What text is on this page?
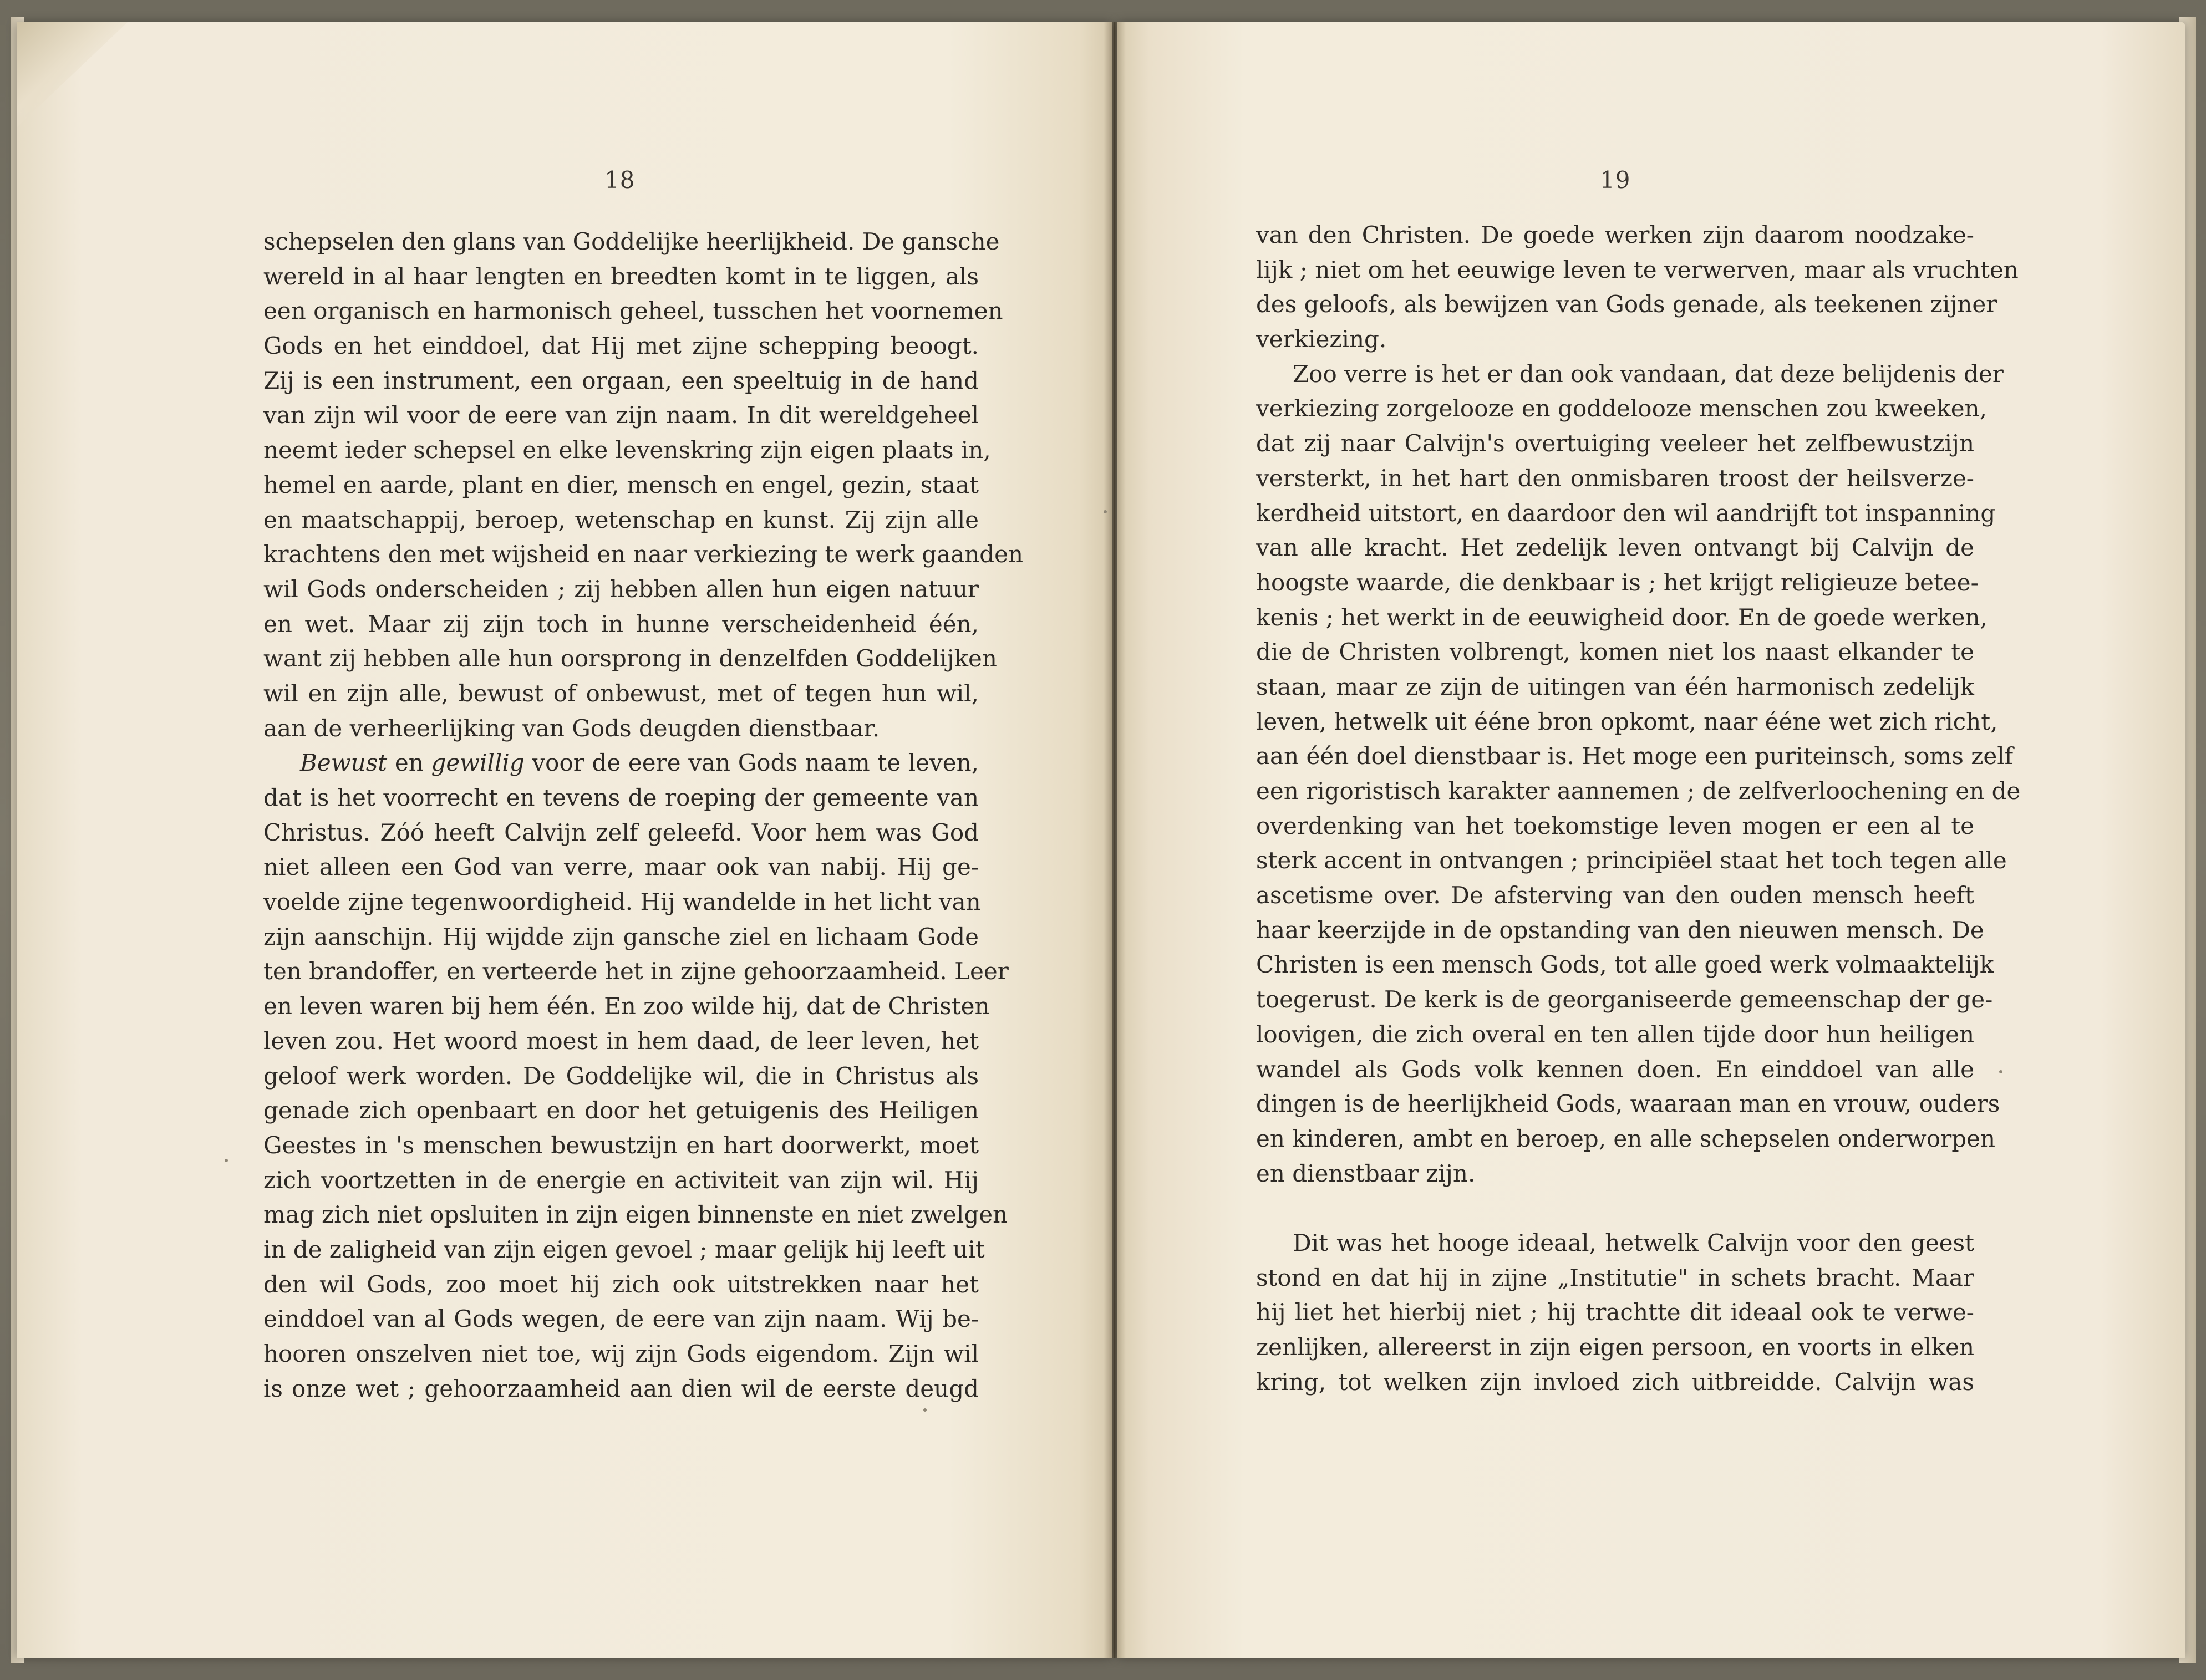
18	19
schepselen den glans van Goddelijke heerlijkheid. De gansche
wereld in al haar lengten en breedten komt in te liggen, als
een organisch en harmonisch geheel, tusschen het voornemen
Gods en het einddoel, dat Hij met zijne schepping beoogt.
Zij is een instrument, een orgaan, een speeltuig in de hand
van zijn wil voor de eere van zijn naam. In dit wereldgeheel
neemt ieder schepsel en elke levenskring zijn eigen plaats in,
hemel en aarde, plant en dier, mensch en engel, gezin, staat
en maatschappij, beroep, wetenschap en kunst. Zij zijn alle
krachtens den met wijsheid en naar verkiezing te werk gaanden
wil Gods onderscheiden ; zij hebben allen hun eigen natuur
en wet. Maar zij zijn toch in hunne verscheidenheid één,
want zij hebben alle hun oorsprong in denzelfden Goddelijken
wil en zijn alle, bewust of onbewust, met of tegen hun wil,
aan de verheerlijking van Gods deugden dienstbaar.
Bewust en gewillig voor de eere van Gods naam te leven,
dat is het voorrecht en tevens de roeping der gemeente van
Christus. Zóó heeft Calvijn zelf geleefd. Voor hem was God
niet alleen een God van verre, maar ook van nabij. Hij ge-
voelde zijne tegenwoordigheid. Hij wandelde in het licht van
zijn aanschijn. Hij wijdde zijn gansche ziel en lichaam Gode
ten brandoffer, en verteerde het in zijne gehoorzaamheid. Leer
en leven waren bij hem één. En zoo wilde hij, dat de Christen
leven zou. Het woord moest in hem daad, de leer leven, het
geloof werk worden. De Goddelijke wil, die in Christus als
genade zich openbaart en door het getuigenis des Heiligen
Geestes in 's menschen bewustzijn en hart doorwerkt, moet
zich voortzetten in de energie en activiteit van zijn wil. Hij
mag zich niet opsluiten in zijn eigen binnenste en niet zwelgen
in de zaligheid van zijn eigen gevoel ; maar gelijk hij leeft uit
den wil Gods, zoo moet hij zich ook uitstrekken naar het
einddoel van al Gods wegen, de eere van zijn naam. Wij be-
hooren onszelven niet toe, wij zijn Gods eigendom. Zijn wil
is onze wet ; gehoorzaamheid aan dien wil de eerste deugd
van den Christen. De goede werken zijn daarom noodzake-
lijk ; niet om het eeuwige leven te verwerven, maar als vruchten
des geloofs, als bewijzen van Gods genade, als teekenen zijner
verkiezing.
Zoo verre is het er dan ook vandaan, dat deze belijdenis der
verkiezing zorgelooze en goddelooze menschen zou kweeken,
dat zij naar Calvijn's overtuiging veeleer het zelfbewustzijn
versterkt, in het hart den onmisbaren troost der heilsverze-
kerdheid uitstort, en daardoor den wil aandrijft tot inspanning
van alle kracht. Het zedelijk leven ontvangt bij Calvijn de
hoogste waarde, die denkbaar is ; het krijgt religieuze betee-
kenis ; het werkt in de eeuwigheid door. En de goede werken,
die de Christen volbrengt, komen niet los naast elkander te
staan, maar ze zijn de uitingen van één harmonisch zedelijk
leven, hetwelk uit ééne bron opkomt, naar ééne wet zich richt,
aan één doel dienstbaar is. Het moge een puriteinsch, soms zelf
een rigoristisch karakter aannemen ; de zelfverloochening en de
overdenking van het toekomstige leven mogen er een al te
sterk accent in ontvangen ; principiëel staat het toch tegen alle
ascetisme over. De afsterving van den ouden mensch heeft
haar keerzijde in de opstanding van den nieuwen mensch. De
Christen is een mensch Gods, tot alle goed werk volmaaktelijk
toegerust. De kerk is de georganiseerde gemeenschap der ge-
loovigen, die zich overal en ten allen tijde door hun heiligen
wandel als Gods volk kennen doen. En einddoel van alle
dingen is de heerlijkheid Gods, waaraan man en vrouw, ouders
en kinderen, ambt en beroep, en alle schepselen onderworpen
en dienstbaar zijn.
Dit was het hooge ideaal, hetwelk Calvijn voor den geest
stond en dat hij in zijne „Institutie" in schets bracht. Maar
hij liet het hierbij niet ; hij trachtte dit ideaal ook te verwe-
zenlijken, allereerst in zijn eigen persoon, en voorts in elken
kring, tot welken zijn invloed zich uitbreidde. Calvijn was
